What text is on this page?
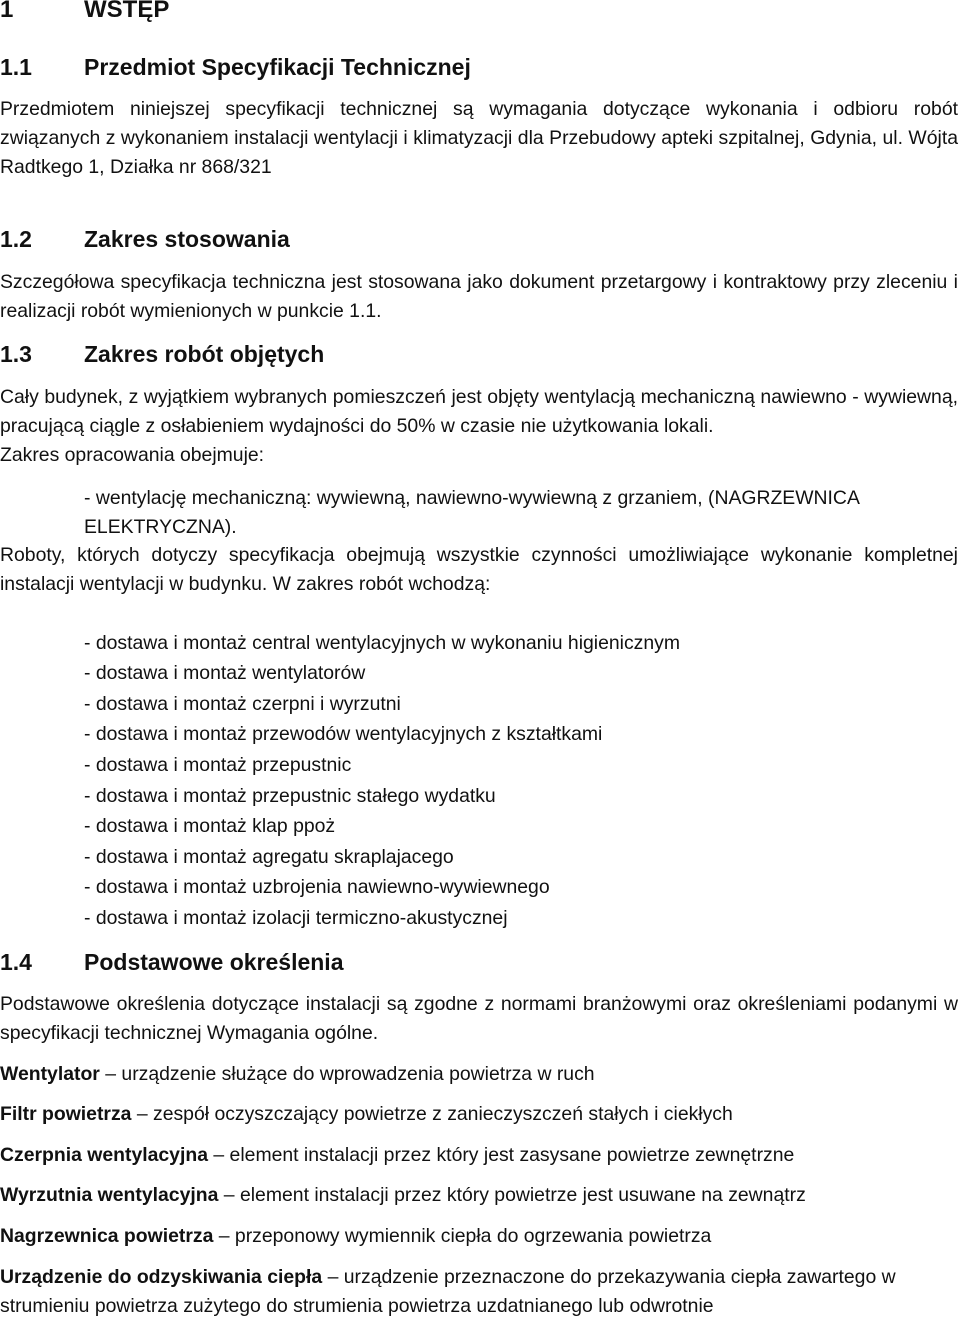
1	WSTĘP
1.1 Przedmiot Specyfikacji Technicznej
Przedmiotem niniejszej specyfikacji technicznej są wymagania dotyczące wykonania i odbioru robót związanych z wykonaniem instalacji wentylacji i klimatyzacji dla Przebudowy apteki szpitalnej, Gdynia, ul. Wójta Radtkego 1, Działka nr 868/321
1.2 Zakres stosowania
Szczegółowa specyfikacja techniczna jest stosowana jako dokument przetargowy i kontraktowy przy zleceniu i realizacji robót wymienionych w punkcie 1.1.
1.3 Zakres robót objętych
Cały budynek, z wyjątkiem wybranych pomieszczeń jest objęty wentylacją mechaniczną nawiewno - wywiewną, pracującą ciągle z osłabieniem wydajności do 50% w czasie nie użytkowania lokali.
Zakres opracowania obejmuje:
- wentylację mechaniczną: wywiewną, nawiewno-wywiewną z grzaniem, (NAGRZEWNICA ELEKTRYCZNA).
Roboty, których dotyczy specyfikacja obejmują wszystkie czynności umożliwiające wykonanie kompletnej instalacji wentylacji w budynku. W zakres robót wchodzą:
- dostawa i montaż central wentylacyjnych w wykonaniu higienicznym
- dostawa i montaż wentylatorów
- dostawa i montaż czerpni i wyrzutni
- dostawa i montaż przewodów wentylacyjnych z kształtkami
- dostawa i montaż przepustnic
- dostawa i montaż przepustnic stałego wydatku
- dostawa i montaż klap ppoż
- dostawa i montaż agregatu skraplajacego
- dostawa i montaż uzbrojenia nawiewno-wywiewnego
- dostawa i montaż izolacji termiczno-akustycznej
1.4 Podstawowe określenia
Podstawowe określenia dotyczące instalacji są zgodne z normami branżowymi oraz określeniami podanymi w specyfikacji technicznej Wymagania ogólne.
Wentylator – urządzenie służące do wprowadzenia powietrza w ruch
Filtr powietrza – zespół oczyszczający powietrze z zanieczyszczeń stałych i ciekłych
Czerpnia wentylacyjna – element instalacji przez który jest zasysane powietrze zewnętrzne
Wyrzutnia wentylacyjna – element instalacji przez który powietrze jest usuwane na zewnątrz
Nagrzewnica powietrza – przeponowy wymiennik ciepła do ogrzewania powietrza
Urządzenie do odzyskiwania ciepła – urządzenie przeznaczone do przekazywania ciepła zawartego w strumieniu powietrza zużytego do strumienia powietrza uzdatnianego lub odwrotnie
